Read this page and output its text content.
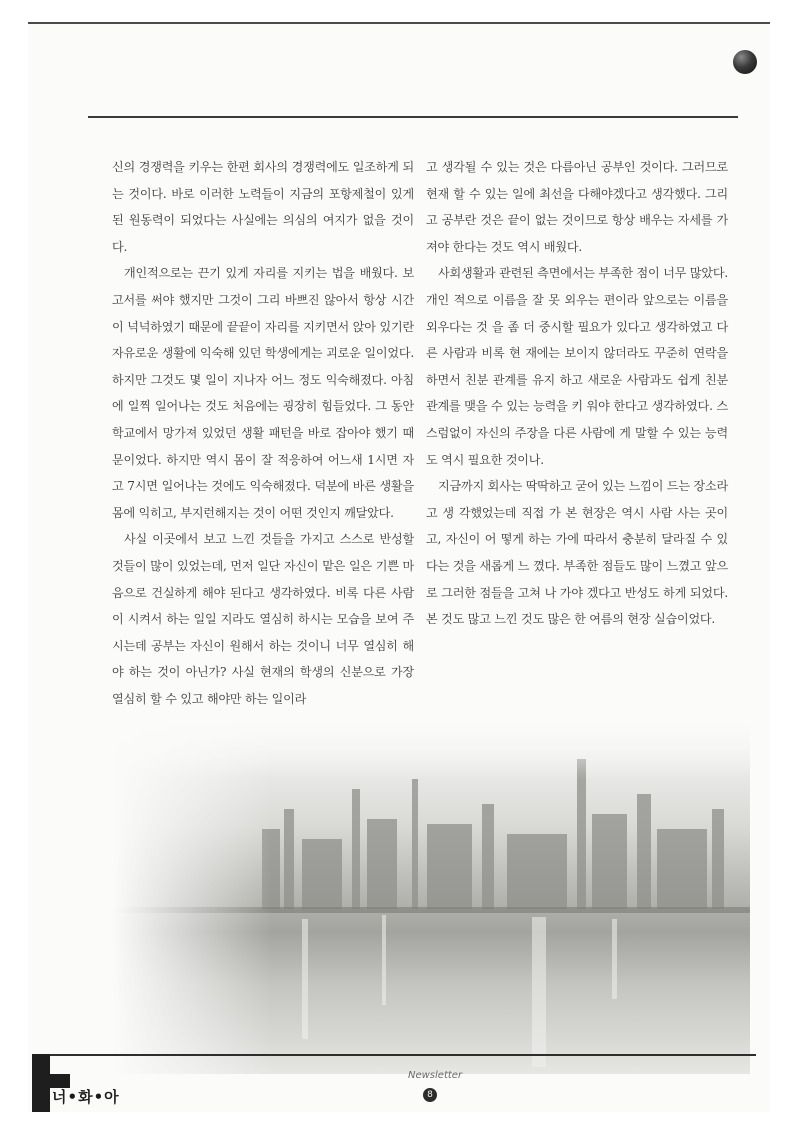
신의 경쟁력을 키우는 한편 회사의 경쟁력에도 일조하게 되는 것이다. 바로 이러한 노력들이 지금의 포항제철이 있게 된 원동력이 되었다는 사실에는 의심의 여지가 없을 것이다.

개인적으로는 끈기 있게 자리를 지키는 법을 배웠다. 보고서를 써야 했지만 그것이 그리 바쁘진 않아서 항상 시간이 넉넉하였기 때문에 끝끝이 자리를 지키면서 앉아 있기란 자유로운 생활에 익숙해 있던 학생에게는 괴로운 일이었다. 하지만 그것도 몇 일이 지나자 어느 정도 익숙해졌다. 아침에 일찍 일어나는 것도 처음에는 굉장히 힘들었다. 그 동안 학교에서 망가져 있었던 생활 패턴을 바로 잡아야 했기 때문이었다. 하지만 역시 몸이 잘 적응하여 어느새 1시면 자고 7시면 일어나는 것에도 익숙해졌다. 덕분에 바른 생활을 몸에 익히고, 부지런해지는 것이 어떤 것인지 깨달았다.

사실 이곳에서 보고 느낀 것들을 가지고 스스로 반성할 것들이 많이 있었는데, 먼저 일단 자신이 맡은 일은 기쁜 마음으로 건실하게 해야 된다고 생각하였다. 비록 다른 사람이 시켜서 하는 일일 지라도 열심히 하시는 모습을 보여 주시는데 공부는 자신이 원해서 하는 것이니 너무 열심히 해야 하는 것이 아닌가? 사실 현재의 학생의 신분으로 가장 열심히 할 수 있고 해야만 하는 일이라

고 생각될 수 있는 것은 다름아닌 공부인 것이다. 그러므로 현재 할 수 있는 일에 최선을 다해야겠다고 생각했다. 그리고 공부란 것은 끝이 없는 것이므로 항상 배우는 자세를 가져야 한다는 것도 역시 배웠다.

사회생활과 관련된 측면에서는 부족한 점이 너무 많았다. 개인 적으로 이름을 잘 못 외우는 편이라 앞으로는 이름을 외우다는 것 을 좀 더 중시할 필요가 있다고 생각하였고 다른 사람과 비록 현 재에는 보이지 않더라도 꾸준히 연락을 하면서 친분 관계를 유지 하고 새로운 사람과도 쉽게 친분 관계를 맺을 수 있는 능력을 키 워야 한다고 생각하였다. 스스럼없이 자신의 주장을 다른 사람에 게 말할 수 있는 능력도 역시 필요한 것이나.

지금까지 회사는 딱딱하고 굳어 있는 느낌이 드는 장소라고 생 각했었는데 직접 가 본 현장은 역시 사람 사는 곳이고, 자신이 어 떻게 하는 가에 따라서 충분히 달라질 수 있다는 것을 새롭게 느 꼈다. 부족한 점들도 많이 느꼈고 앞으로 그러한 점들을 고쳐 나 가야 겠다고 반성도 하게 되었다. 본 것도 많고 느낀 것도 많은 한 여름의 현장 실습이었다.

너•화•아
Newsletter
8
